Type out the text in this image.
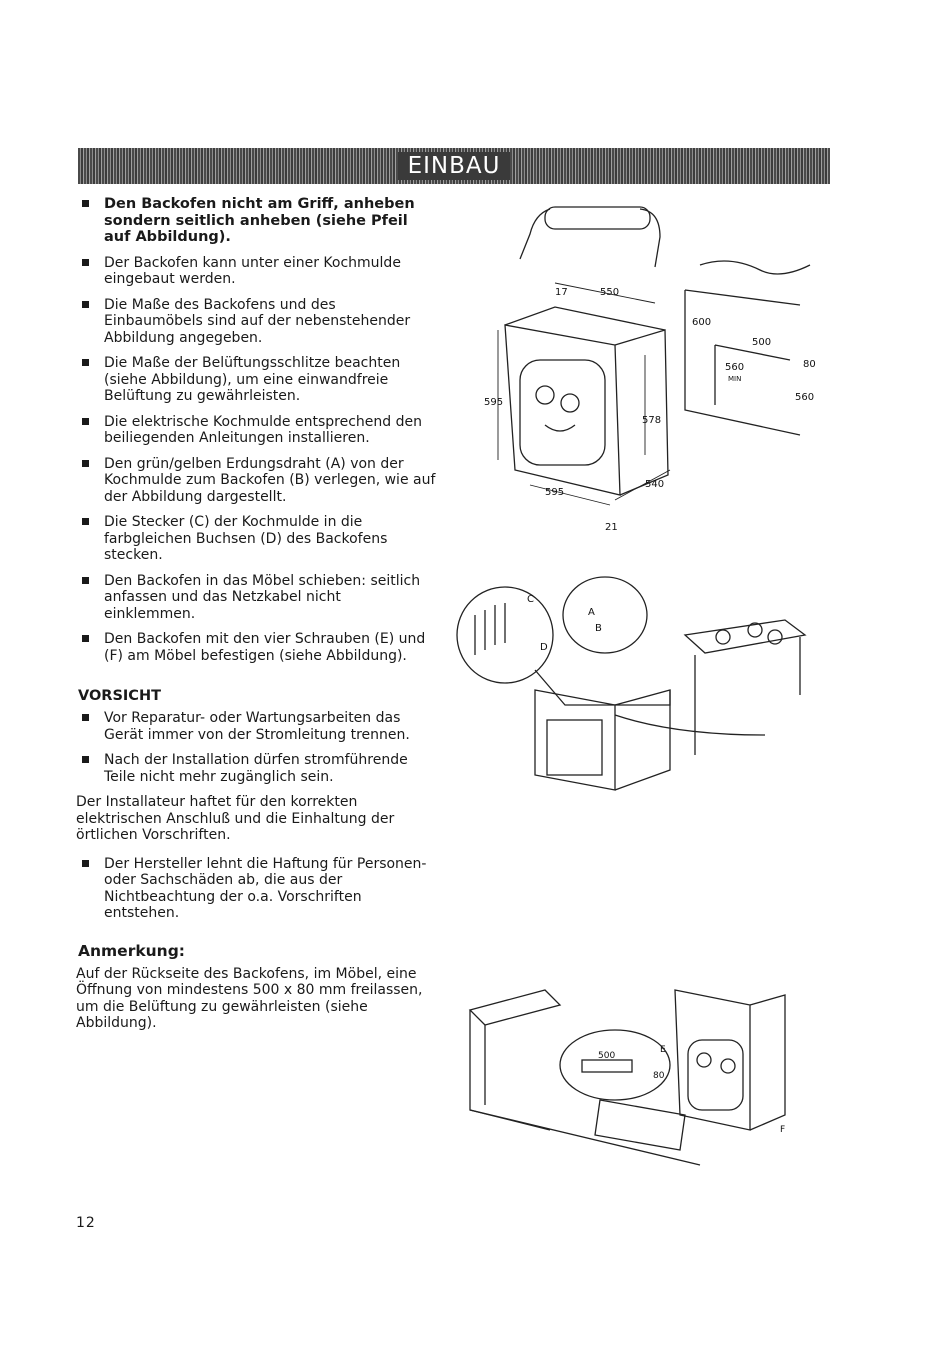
EINBAU
Den Backofen nicht am Griff, anheben sondern seitlich anheben (siehe Pfeil auf Abbildung).
Der Backofen kann unter einer Kochmulde eingebaut werden.
Die Maße des Backofens und des Einbaumöbels sind auf der nebenstehender Abbildung angegeben.
Die Maße der Belüftungsschlitze beachten (siehe Abbildung), um eine einwandfreie Belüftung zu gewährleisten.
Die elektrische Kochmulde entsprechend den beiliegenden Anleitungen installieren.
Den grün/gelben Erdungsdraht (A) von der Kochmulde zum Backofen (B) verlegen, wie auf der Abbildung dargestellt.
Die Stecker (C) der Kochmulde in die farbgleichen Buchsen (D) des Backofens stecken.
Den Backofen in das Möbel schieben: seitlich anfassen und das Netzkabel nicht einklemmen.
Den Backofen mit den vier Schrauben (E) und (F) am Möbel befestigen (siehe Abbildung).
VORSICHT
Vor Reparatur- oder Wartungsarbeiten das Gerät immer von der Stromleitung trennen.
Nach der Installation dürfen stromführende Teile nicht mehr zugänglich sein.

Der Installateur haftet für den korrekten elektrischen Anschluß und die Einhaltung der örtlichen Vorschriften.

Der Hersteller lehnt die Haftung für Personen- oder Sachschäden ab, die aus der Nichtbeachtung der o.a. Vorschriften entstehen.
Anmerkung:

Auf der Rückseite des Backofens, im Möbel, eine Öffnung von mindestens 500 x 80 mm freilassen, um die Belüftung zu gewährleisten (siehe Abbildung).

17	550
600
500
560	80
560
595
578
595
540
21
MIN
C
D
A
B
500
80
E
F
12
